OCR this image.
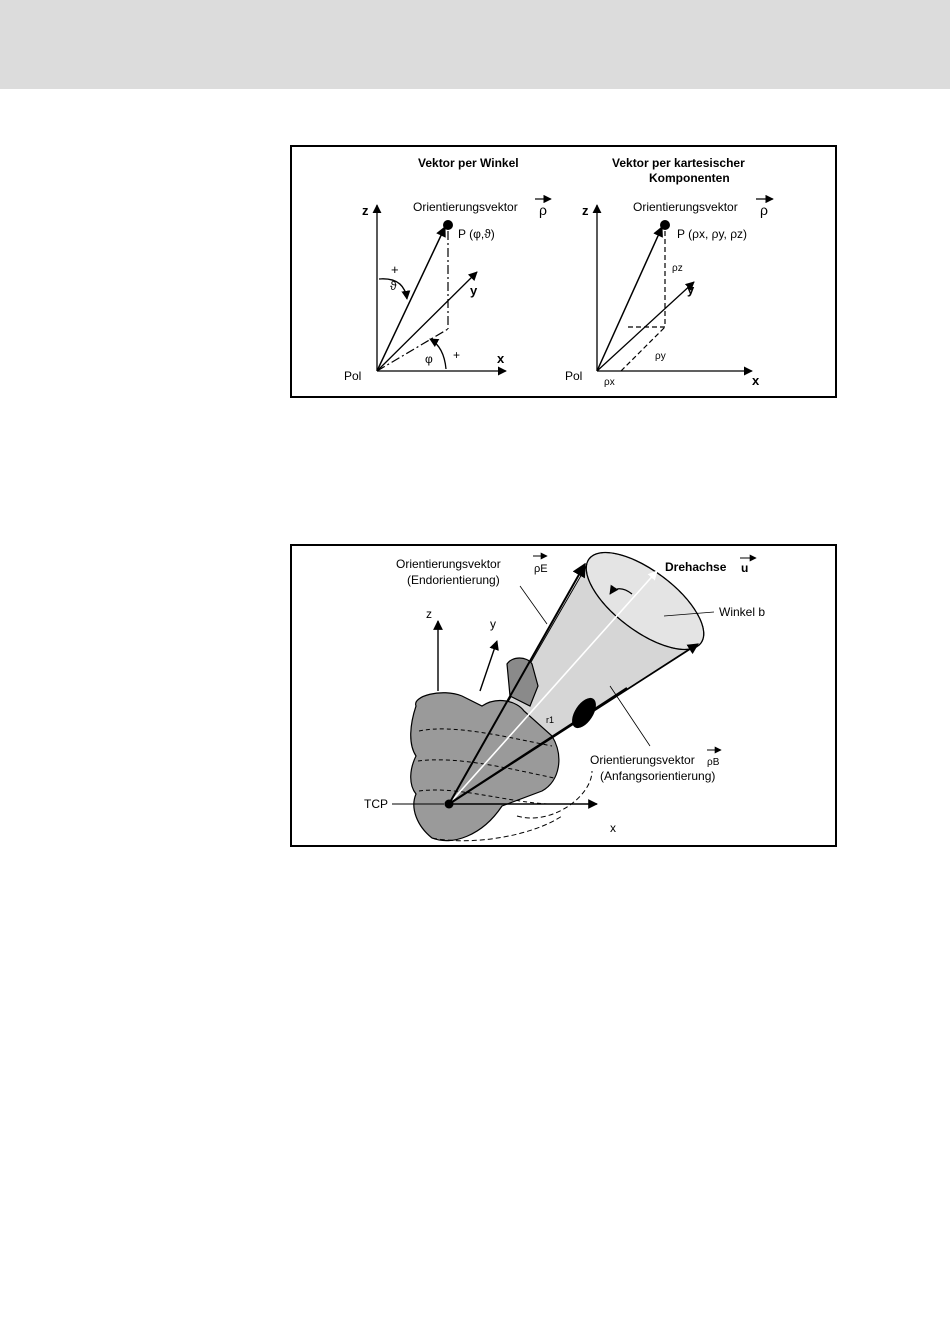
Vektor per Winkel
Orientierungsvektor ρ
z
y
x
Pol
P (φ,ϑ)
+
ϑ
φ +
Vektor per kartesischer
Komponenten
Orientierungsvektor ρ
z
y
x
Pol
P (ρx, ρy, ρz)
ρz
ρy
ρx
z
y
x
r1
TCP
Orientierungsvektor
(Endorientierung)
ρE	Drehachse u
Winkel b
Orientierungsvektor
(Anfangsorientierung)
ρB
